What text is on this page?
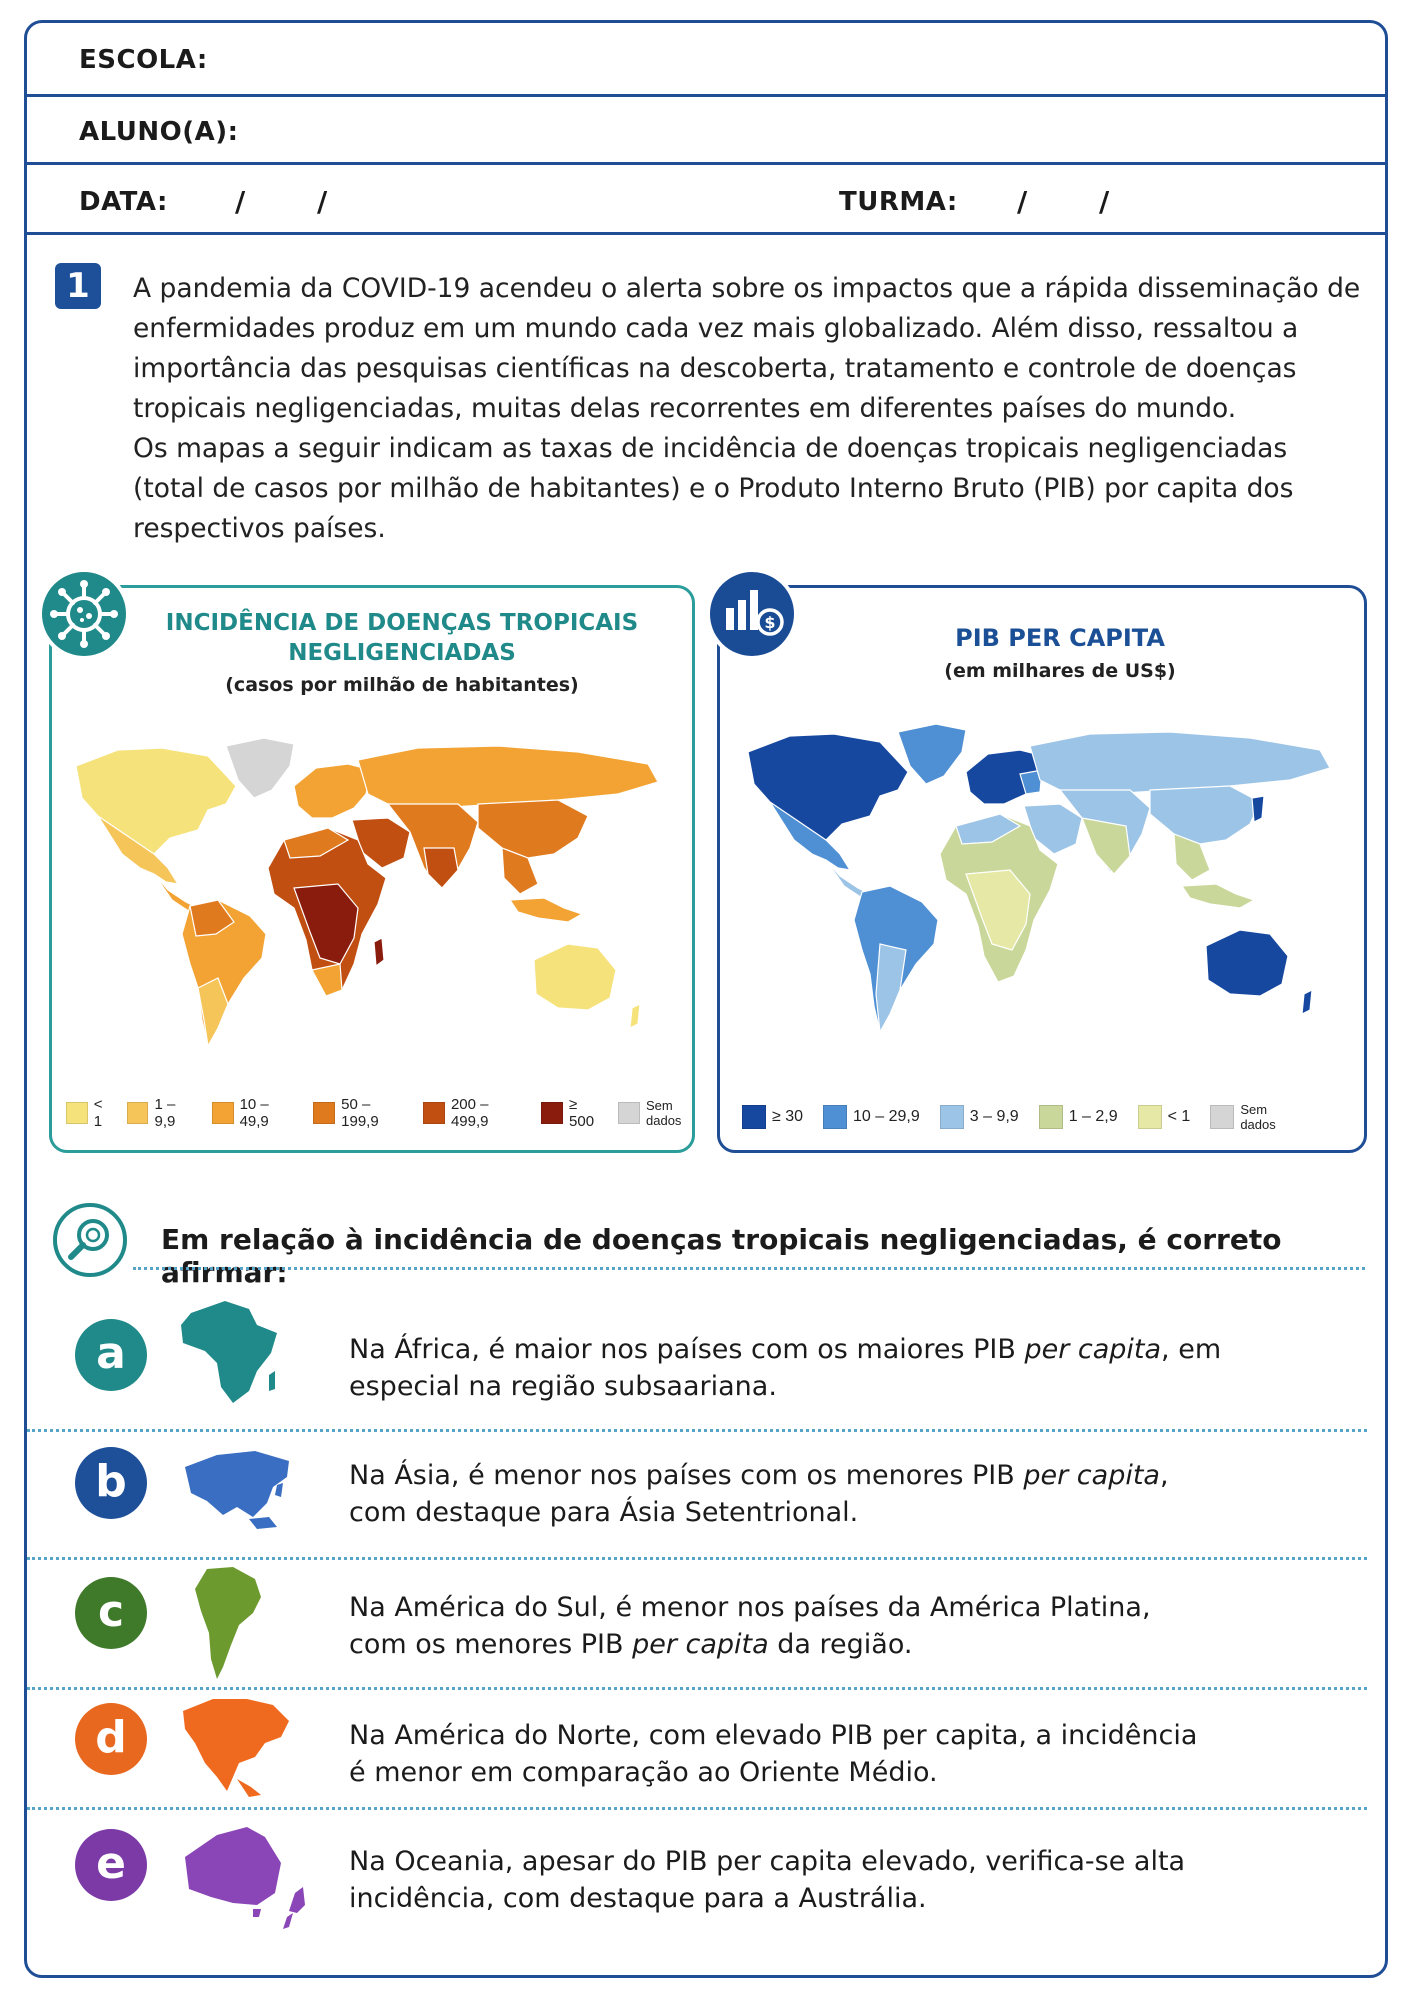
ESCOLA:
ALUNO(A):
DATA: /	/	TURMA: /	/
1	A pandemia da COVID-19 acendeu o alerta sobre os impactos que a rápida disseminação de enfermidades produz em um mundo cada vez mais globalizado. Além disso, ressaltou a importância das pesquisas científicas na descoberta, tratamento e controle de doenças tropicais negligenciadas, muitas delas recorrentes em diferentes países do mundo.

Os mapas a seguir indicam as taxas de incidência de doenças tropicais negligenciadas (total de casos por milhão de habitantes) e o Produto Interno Bruto (PIB) por capita dos respectivos países.

INCIDÊNCIA DE DOENÇAS TROPICAIS
NEGLIGENCIADAS
(casos por milhão de habitantes)
< 1
1 – 9,9
10 – 49,9
50 – 199,9
200 – 499,9
≥ 500
Sem dados
$
PIB PER CAPITA
(em milhares de US$)
≥ 30	10 – 29,9	3 – 9,9	1 – 2,9	< 1	Sem dados
Em relação à incidência de doenças tropicais negligenciadas, é correto afirmar:
a	Na África, é maior nos países com os maiores PIB per capita, em
especial na região subsaariana.
b	Na Ásia, é menor nos países com os menores PIB per capita,
com destaque para Ásia Setentrional.
c	Na América do Sul, é menor nos países da América Platina,
com os menores PIB per capita da região.
d	Na América do Norte, com elevado PIB per capita, a incidência
é menor em comparação ao Oriente Médio.
e	Na Oceania, apesar do PIB per capita elevado, verifica-se alta
incidência, com destaque para a Austrália.
